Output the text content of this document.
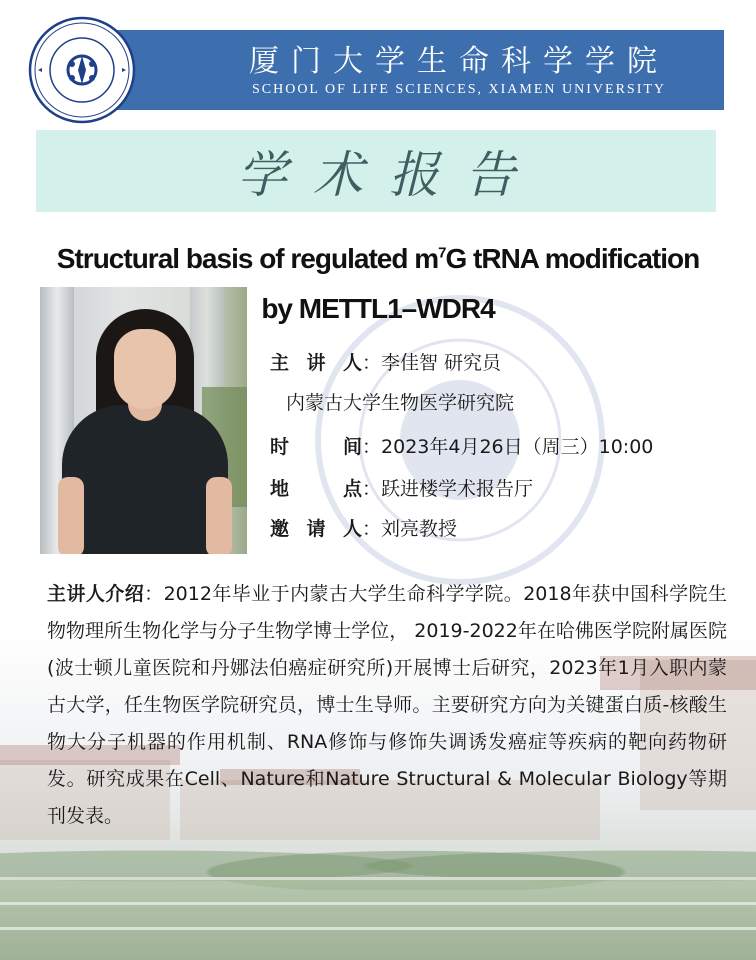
厦门大学生命科学学院
SCHOOL OF LIFE SCIENCES, XIAMEN UNIVERSITY
学术报告
Structural basis of regulated $m^7G$ tRNA modification
by METTL1–WDR4
主讲人：李佳智 研究员
内蒙古大学生物医学研究院
时间：2023年4月26日（周三）10:00
地点：跃进楼学术报告厅
邀请人：刘亮教授
主讲人介绍：2012年毕业于内蒙古大学生命科学学院。2018年获中国科学院生物物理所生物化学与分子生物学博士学位， 2019-2022年在哈佛医学院附属医院(波士顿儿童医院和丹娜法伯癌症研究所)开展博士后研究，2023年1月入职内蒙古大学，任生物医学院研究员，博士生导师。主要研究方向为关键蛋白质-核酸生物大分子机器的作用机制、RNA修饰与修饰失调诱发癌症等疾病的靶向药物研发。研究成果在Cell、Nature和Nature Structural & Molecular Biology等期刊发表。
